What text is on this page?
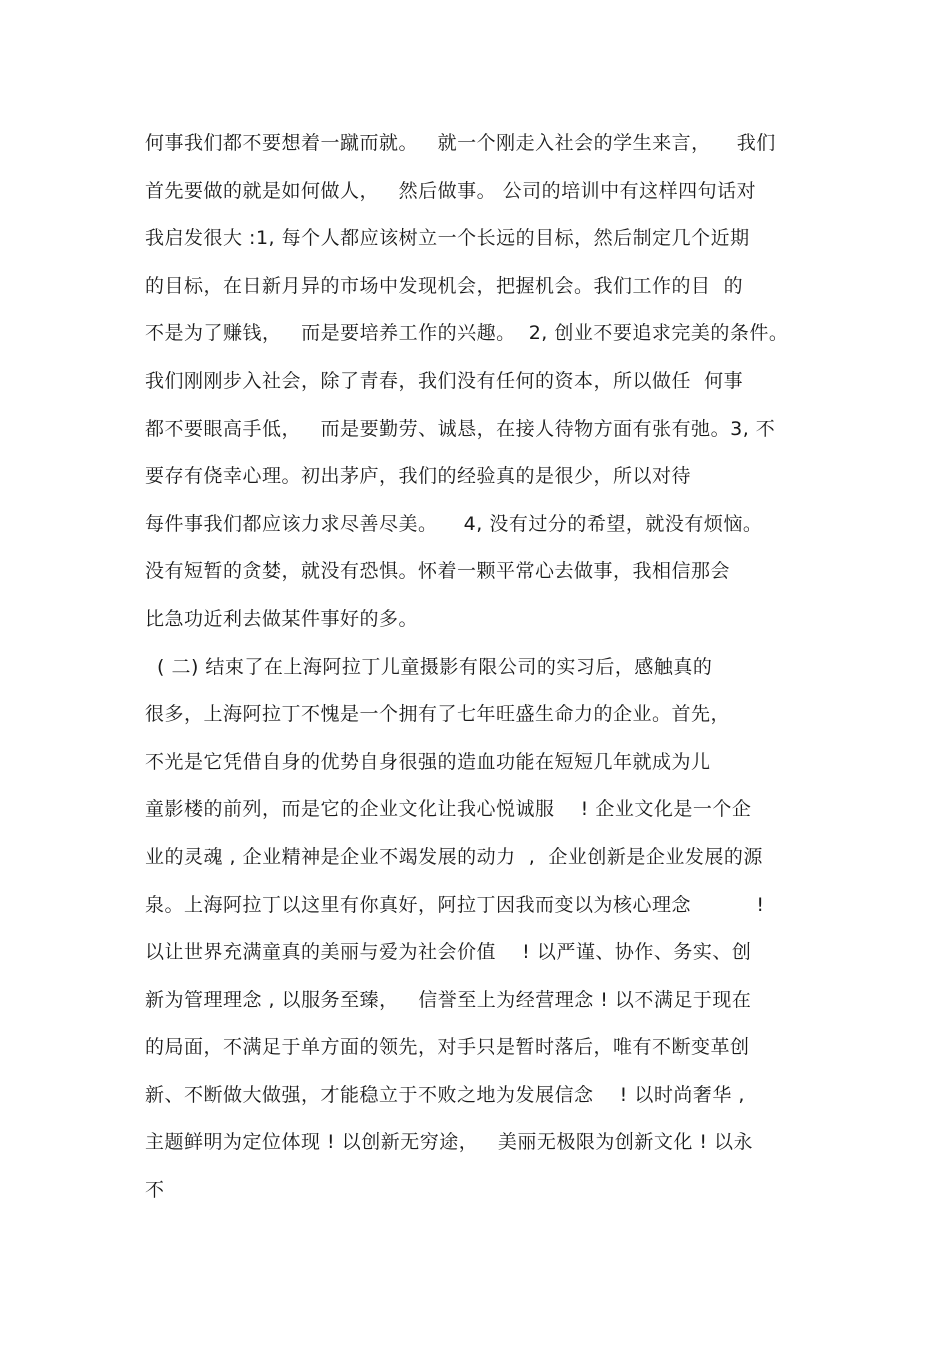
何事我们都不要想着一蹴而就。   就一个刚走入社会的学生来言，    我们
首先要做的就是如何做人，   然后做事。 公司的培训中有这样四句话对
我启发很大 :1, 每个人都应该树立一个长远的目标，然后制定几个近期
的目标，在日新月异的市场中发现机会，把握机会。我们工作的目  的
不是为了赚钱，   而是要培养工作的兴趣。  2, 创业不要追求完美的条件。
我们刚刚步入社会，除了青春，我们没有任何的资本，所以做任  何事
都不要眼高手低，   而是要勤劳、诚恳，在接人待物方面有张有弛。3, 不
要存有侥幸心理。初出茅庐，我们的经验真的是很少，所以对待
每件事我们都应该力求尽善尽美。    4, 没有过分的希望，就没有烦恼。
没有短暂的贪婪，就没有恐惧。怀着一颗平常心去做事，我相信那会
比急功近利去做某件事好的多。
( 二) 结束了在上海阿拉丁儿童摄影有限公司的实习后，感触真的
很多，上海阿拉丁不愧是一个拥有了七年旺盛生命力的企业。首先，
不光是它凭借自身的优势自身很强的造血功能在短短几年就成为儿
童影楼的前列，而是它的企业文化让我心悦诚服    ! 企业文化是一个企
业的灵魂 , 企业精神是企业不竭发展的动力  ,  企业创新是企业发展的源
泉。上海阿拉丁以这里有你真好，阿拉丁因我而变以为核心理念          !
以让世界充满童真的美丽与爱为社会价值    ! 以严谨、协作、务实、创
新为管理理念 , 以服务至臻，   信誉至上为经营理念 ! 以不满足于现在
的局面，不满足于单方面的领先，对手只是暂时落后，唯有不断变革创
新、不断做大做强，才能稳立于不败之地为发展信念    ! 以时尚奢华 ,
主题鲜明为定位体现 ! 以创新无穷途，   美丽无极限为创新文化 ! 以永
不
